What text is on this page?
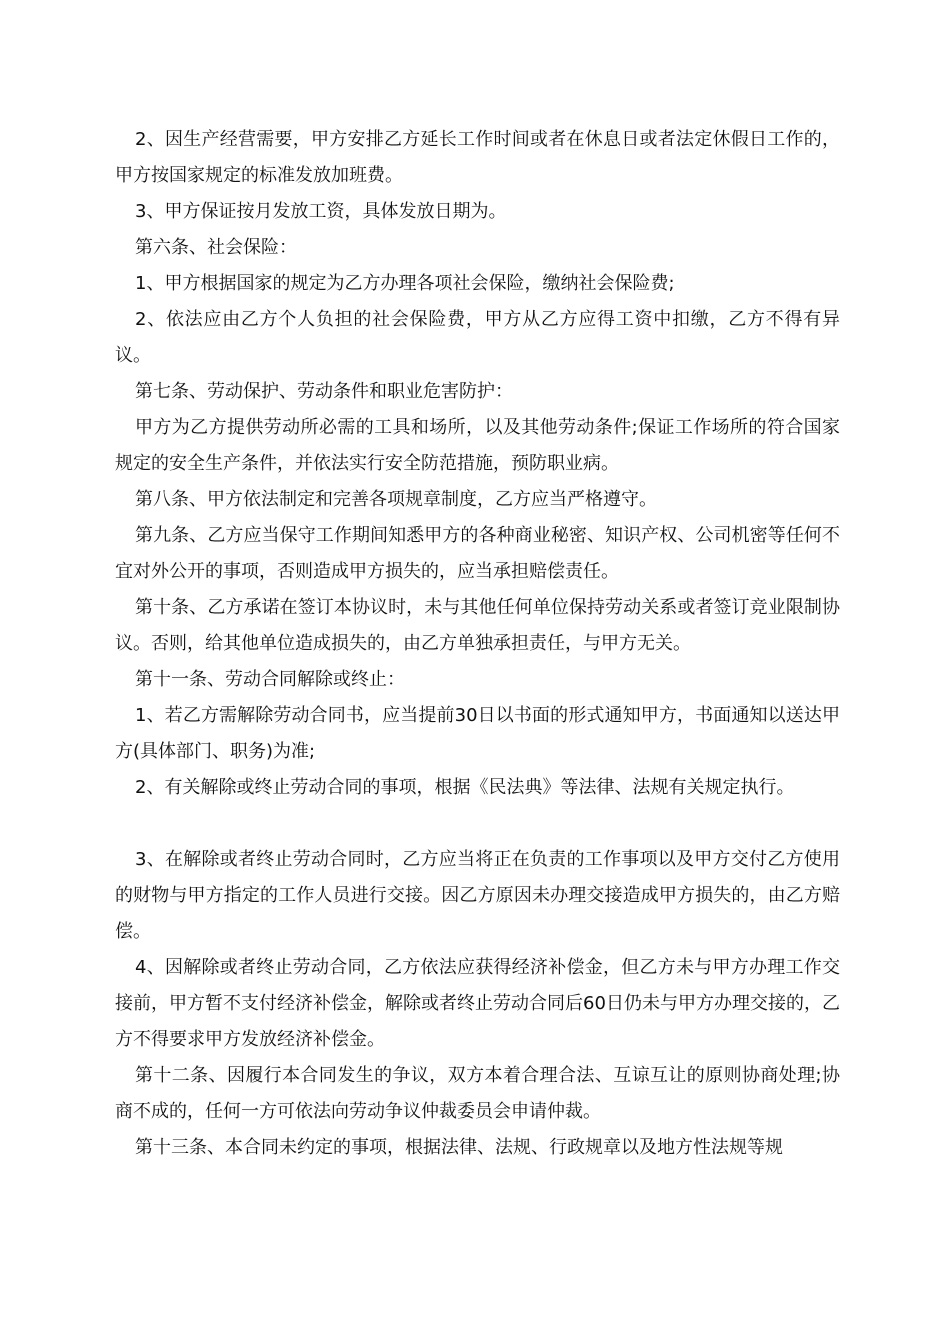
2、因生产经营需要，甲方安排乙方延长工作时间或者在休息日或者法定休假日工作的，甲方按国家规定的标准发放加班费。

3、甲方保证按月发放工资，具体发放日期为。

第六条、社会保险：

1、甲方根据国家的规定为乙方办理各项社会保险，缴纳社会保险费;

2、依法应由乙方个人负担的社会保险费，甲方从乙方应得工资中扣缴，乙方不得有异议。

第七条、劳动保护、劳动条件和职业危害防护：

甲方为乙方提供劳动所必需的工具和场所，以及其他劳动条件;保证工作场所的符合国家规定的安全生产条件，并依法实行安全防范措施，预防职业病。

第八条、甲方依法制定和完善各项规章制度，乙方应当严格遵守。

第九条、乙方应当保守工作期间知悉甲方的各种商业秘密、知识产权、公司机密等任何不宜对外公开的事项，否则造成甲方损失的，应当承担赔偿责任。

第十条、乙方承诺在签订本协议时，未与其他任何单位保持劳动关系或者签订竞业限制协议。否则，给其他单位造成损失的，由乙方单独承担责任，与甲方无关。

第十一条、劳动合同解除或终止：

1、若乙方需解除劳动合同书，应当提前30日以书面的形式通知甲方，书面通知以送达甲方(具体部门、职务)为准;

2、有关解除或终止劳动合同的事项，根据《民法典》等法律、法规有关规定执行。

3、在解除或者终止劳动合同时，乙方应当将正在负责的工作事项以及甲方交付乙方使用的财物与甲方指定的工作人员进行交接。因乙方原因未办理交接造成甲方损失的，由乙方赔偿。

4、因解除或者终止劳动合同，乙方依法应获得经济补偿金，但乙方未与甲方办理工作交接前，甲方暂不支付经济补偿金，解除或者终止劳动合同后60日仍未与甲方办理交接的，乙方不得要求甲方发放经济补偿金。

第十二条、因履行本合同发生的争议，双方本着合理合法、互谅互让的原则协商处理;协商不成的，任何一方可依法向劳动争议仲裁委员会申请仲裁。

第十三条、本合同未约定的事项，根据法律、法规、行政规章以及地方性法规等规
